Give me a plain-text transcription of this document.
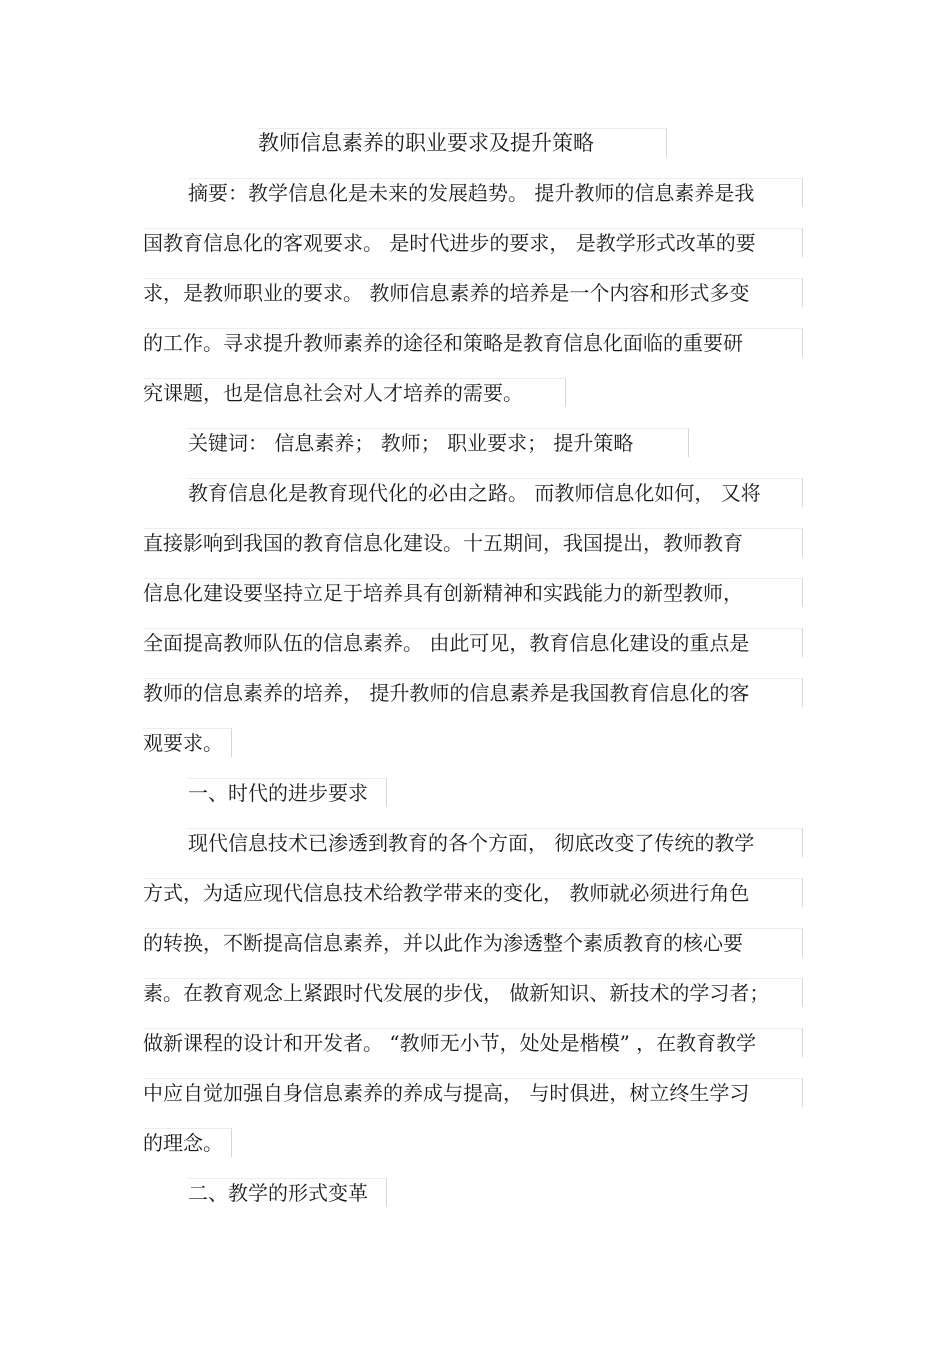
教师信息素养的职业要求及提升策略
摘要：教学信息化是未来的发展趋势。 提升教师的信息素养是我
国教育信息化的客观要求。 是时代进步的要求， 是教学形式改革的要
求，是教师职业的要求。 教师信息素养的培养是一个内容和形式多变
的工作。寻求提升教师素养的途径和策略是教育信息化面临的重要研
究课题，也是信息社会对人才培养的需要。
关键词： 信息素养； 教师； 职业要求； 提升策略
教育信息化是教育现代化的必由之路。 而教师信息化如何， 又将
直接影响到我国的教育信息化建设。十五期间，我国提出，教师教育
信息化建设要坚持立足于培养具有创新精神和实践能力的新型教师，
全面提高教师队伍的信息素养。 由此可见，教育信息化建设的重点是
教师的信息素养的培养， 提升教师的信息素养是我国教育信息化的客
观要求。
一、时代的进步要求
现代信息技术已渗透到教育的各个方面， 彻底改变了传统的教学
方式，为适应现代信息技术给教学带来的变化， 教师就必须进行角色
的转换，不断提高信息素养，并以此作为渗透整个素质教育的核心要
素。在教育观念上紧跟时代发展的步伐， 做新知识、新技术的学习者；
做新课程的设计和开发者。 “教师无小节，处处是楷模” ，在教育教学
中应自觉加强自身信息素养的养成与提高， 与时俱进，树立终生学习
的理念。
二、教学的形式变革
